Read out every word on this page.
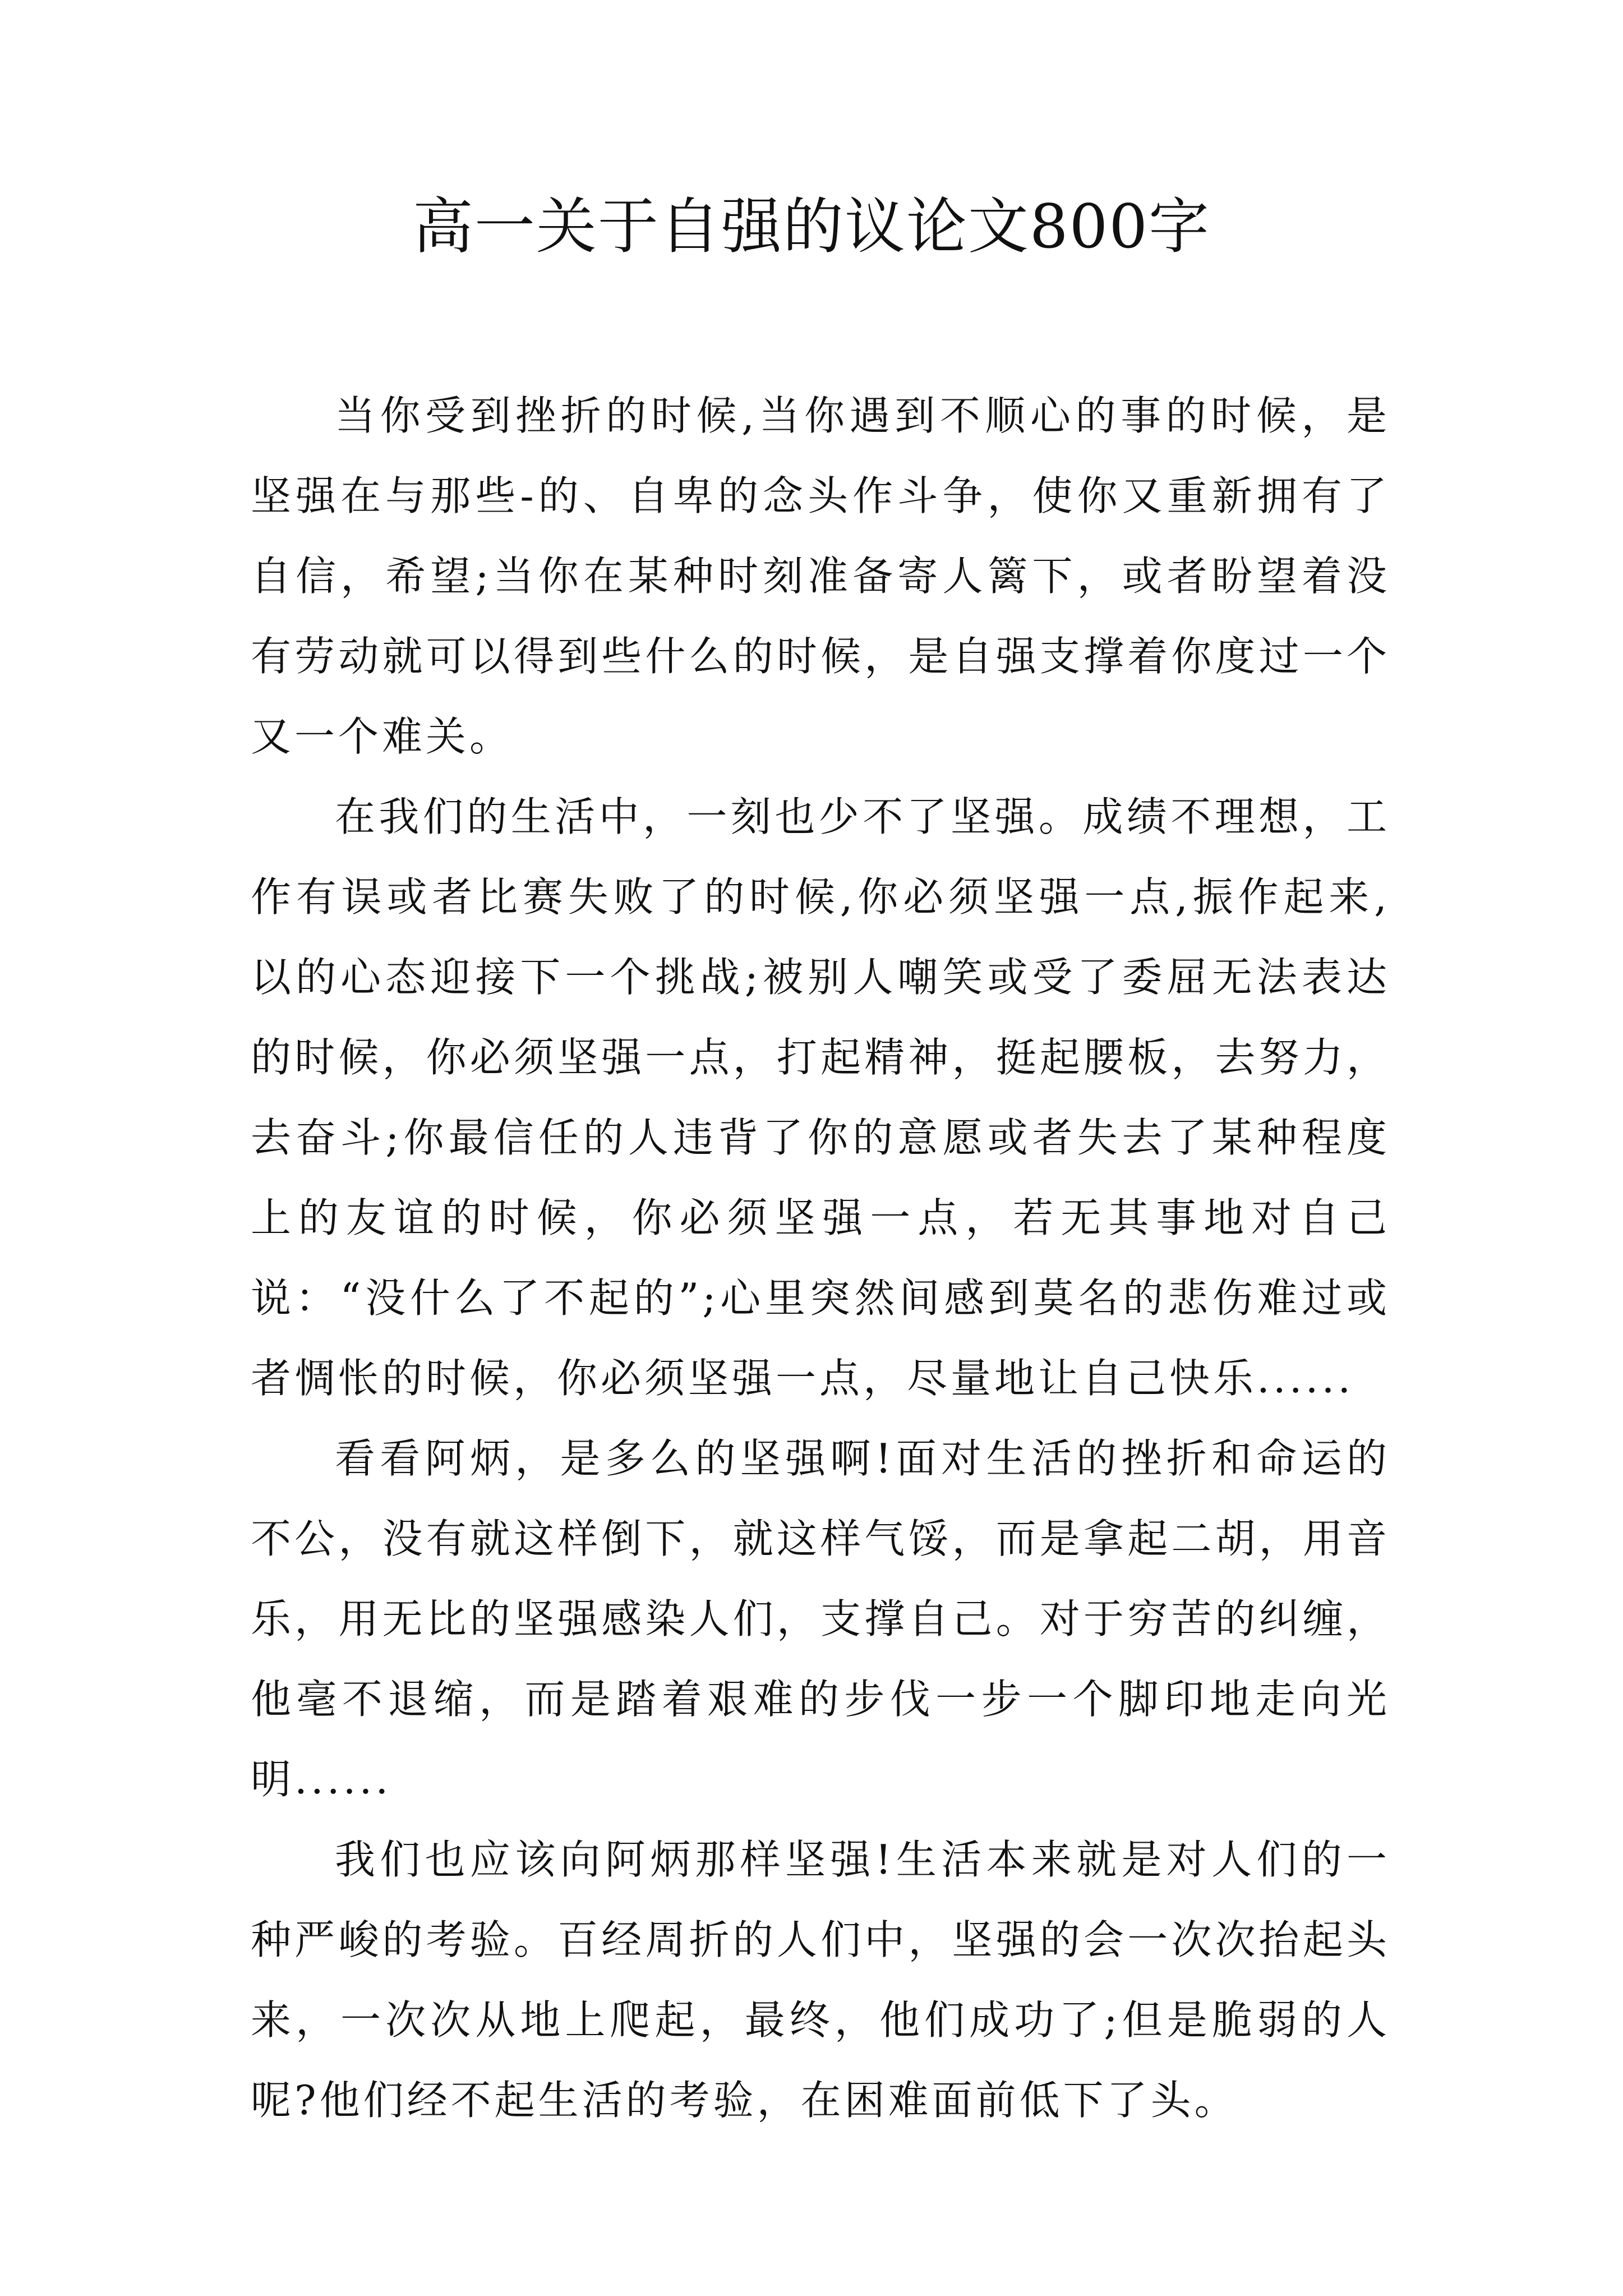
高一关于自强的议论文800字

当你受到挫折的时候,当你遇到不顺心的事的时候，是坚强在与那些-的、自卑的念头作斗争，使你又重新拥有了自信，希望;当你在某种时刻准备寄人篱下，或者盼望着没有劳动就可以得到些什么的时候，是自强支撑着你度过一个又一个难关。

在我们的生活中，一刻也少不了坚强。成绩不理想，工作有误或者比赛失败了的时候,你必须坚强一点,振作起来,以的心态迎接下一个挑战;被别人嘲笑或受了委屈无法表达的时候，你必须坚强一点，打起精神，挺起腰板，去努力，去奋斗;你最信任的人违背了你的意愿或者失去了某种程度上的友谊的时候，你必须坚强一点，若无其事地对自己说：“没什么了不起的”;心里突然间感到莫名的悲伤难过或者惆怅的时候，你必须坚强一点，尽量地让自己快乐......

看看阿炳，是多么的坚强啊!面对生活的挫折和命运的不公，没有就这样倒下，就这样气馁，而是拿起二胡，用音乐，用无比的坚强感染人们，支撑自己。对于穷苦的纠缠，他毫不退缩，而是踏着艰难的步伐一步一个脚印地走向光明......

我们也应该向阿炳那样坚强!生活本来就是对人们的一种严峻的考验。百经周折的人们中，坚强的会一次次抬起头来，一次次从地上爬起，最终，他们成功了;但是脆弱的人呢?他们经不起生活的考验，在困难面前低下了头。
